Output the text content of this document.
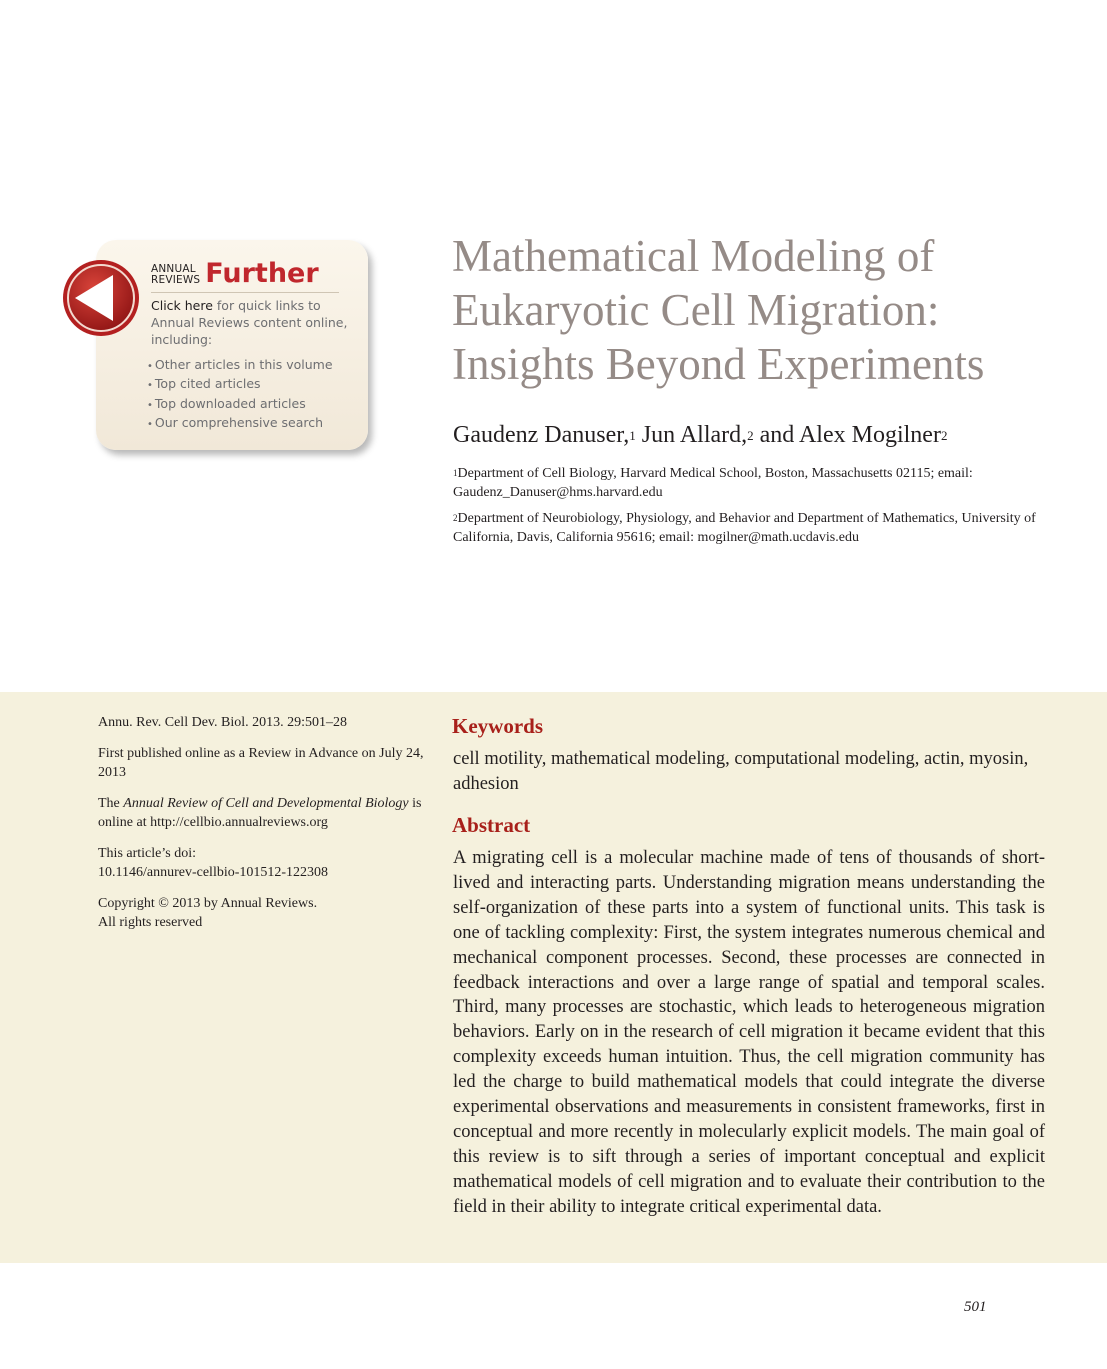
ANNUAL
REVIEWS Further
Click here for quick links to Annual Reviews content online, including:
• Other articles in this volume
• Top cited articles
• Top downloaded articles
• Our comprehensive search
Mathematical Modeling of Eukaryotic Cell Migration: Insights Beyond Experiments
Gaudenz Danuser,$^1$ Jun Allard,$^2$ and Alex Mogilner$^2$
$^1$Department of Cell Biology, Harvard Medical School, Boston, Massachusetts 02115; email: Gaudenz_Danuser@hms.harvard.edu
$^2$Department of Neurobiology, Physiology, and Behavior and Department of Mathematics, University of California, Davis, California 95616; email: mogilner@math.ucdavis.edu

Annu. Rev. Cell Dev. Biol. 2013. 29:501–28

First published online as a Review in Advance on July 24, 2013

The Annual Review of Cell and Developmental Biology is online at http://cellbio.annualreviews.org

This article’s doi:
10.1146/annurev-cellbio-101512-122308

Copyright © 2013 by Annual Reviews.
All rights reserved

Keywords

cell motility, mathematical modeling, computational modeling, actin, myosin, adhesion

Abstract

A migrating cell is a molecular machine made of tens of thousands of short-lived and interacting parts. Understanding migration means understanding the self-organization of these parts into a system of functional units. This task is one of tackling complexity: First, the system integrates numerous chemical and mechanical component processes. Second, these processes are connected in feedback interactions and over a large range of spatial and temporal scales. Third, many processes are stochastic, which leads to heterogeneous migration behaviors. Early on in the research of cell migration it became evident that this complexity exceeds human intuition. Thus, the cell migration community has led the charge to build mathematical models that could integrate the diverse experimental observations and measurements in consistent frameworks, first in conceptual and more recently in molecularly explicit models. The main goal of this review is to sift through a series of important conceptual and explicit mathematical models of cell migration and to evaluate their contribution to the field in their ability to integrate critical experimental data.

501
